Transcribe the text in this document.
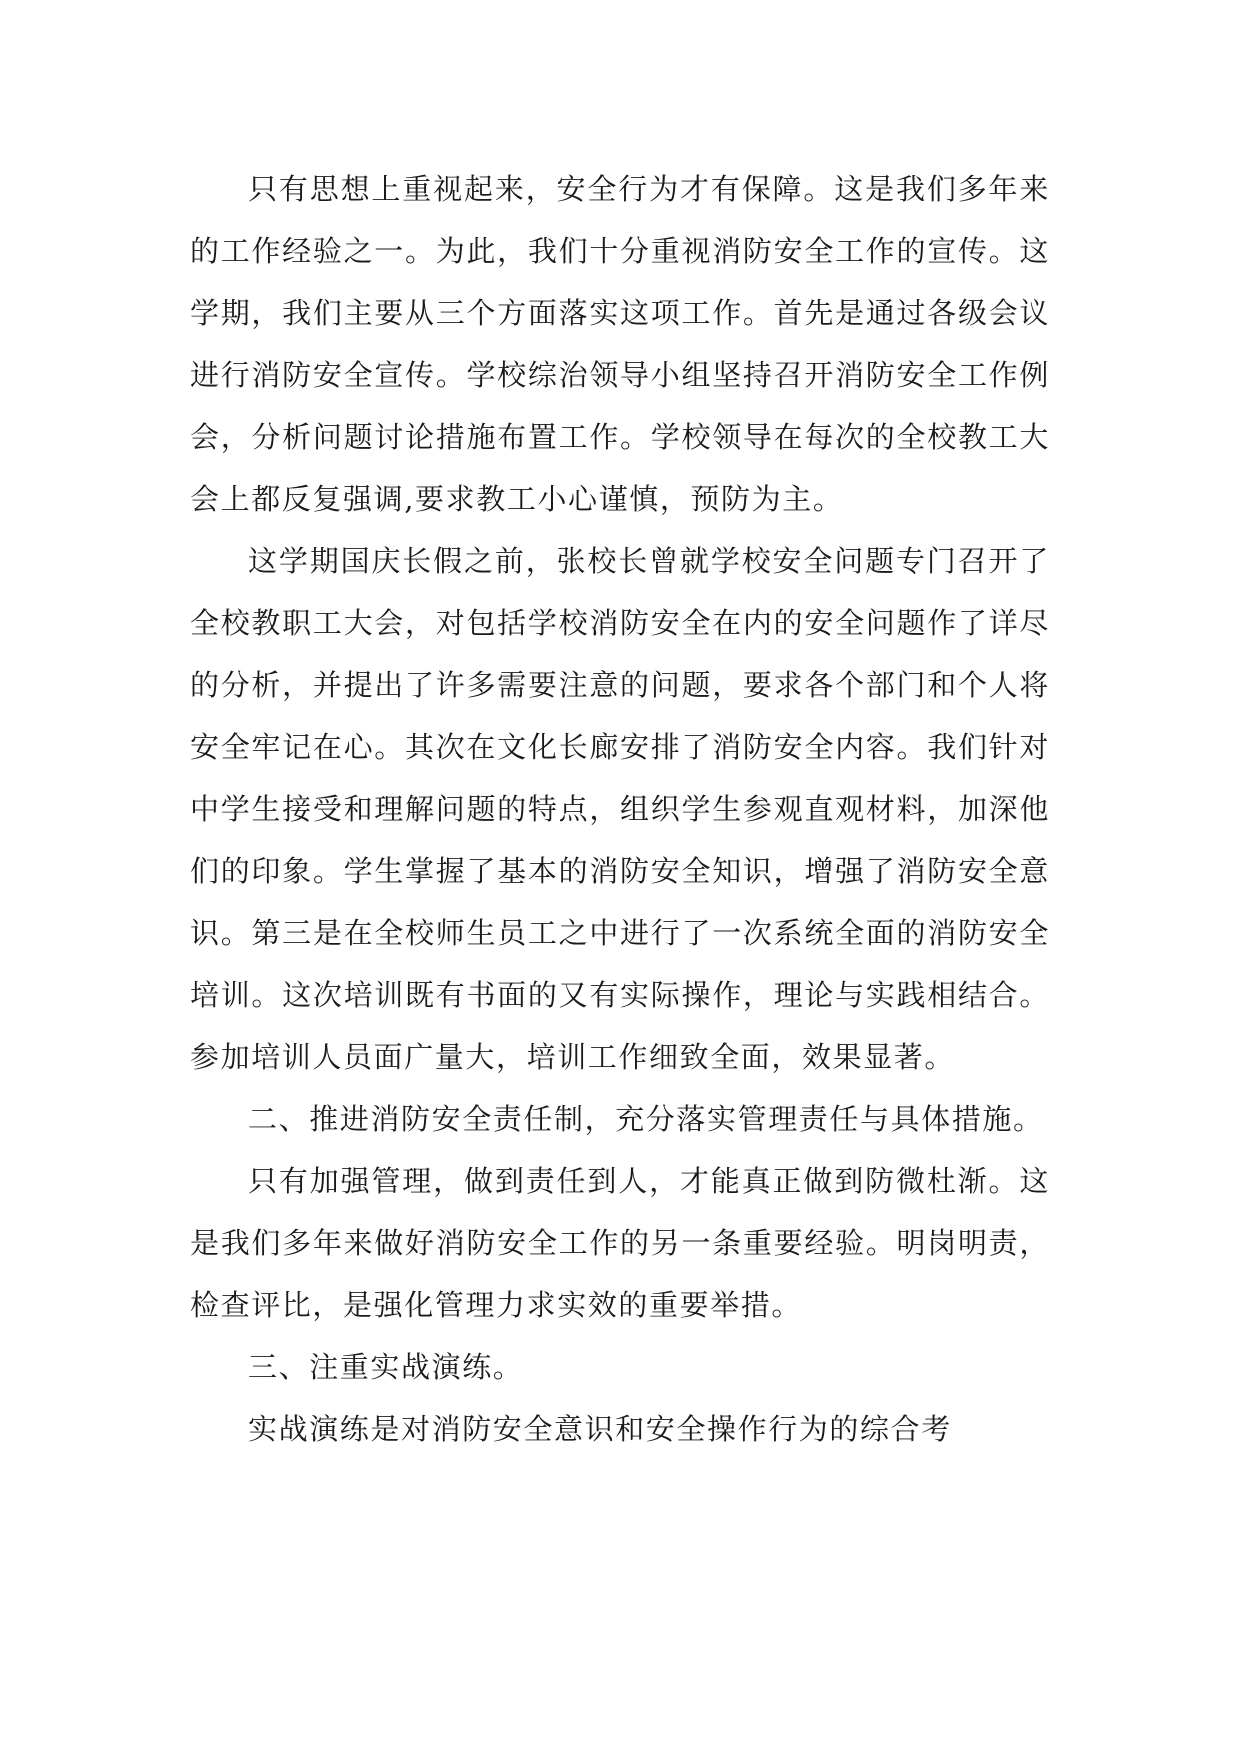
只有思想上重视起来，安全行为才有保障。这是我们多年来的工作经验之一。为此，我们十分重视消防安全工作的宣传。这学期，我们主要从三个方面落实这项工作。首先是通过各级会议进行消防安全宣传。学校综治领导小组坚持召开消防安全工作例会，分析问题讨论措施布置工作。学校领导在每次的全校教工大会上都反复强调,要求教工小心谨慎，预防为主。

这学期国庆长假之前，张校长曾就学校安全问题专门召开了全校教职工大会，对包括学校消防安全在内的安全问题作了详尽的分析，并提出了许多需要注意的问题，要求各个部门和个人将安全牢记在心。其次在文化长廊安排了消防安全内容。我们针对中学生接受和理解问题的特点，组织学生参观直观材料，加深他们的印象。学生掌握了基本的消防安全知识，增强了消防安全意识。第三是在全校师生员工之中进行了一次系统全面的消防安全培训。这次培训既有书面的又有实际操作，理论与实践相结合。参加培训人员面广量大，培训工作细致全面，效果显著。

二、推进消防安全责任制，充分落实管理责任与具体措施。

只有加强管理，做到责任到人，才能真正做到防微杜渐。这是我们多年来做好消防安全工作的另一条重要经验。明岗明责，检查评比，是强化管理力求实效的重要举措。

三、注重实战演练。

实战演练是对消防安全意识和安全操作行为的综合考
